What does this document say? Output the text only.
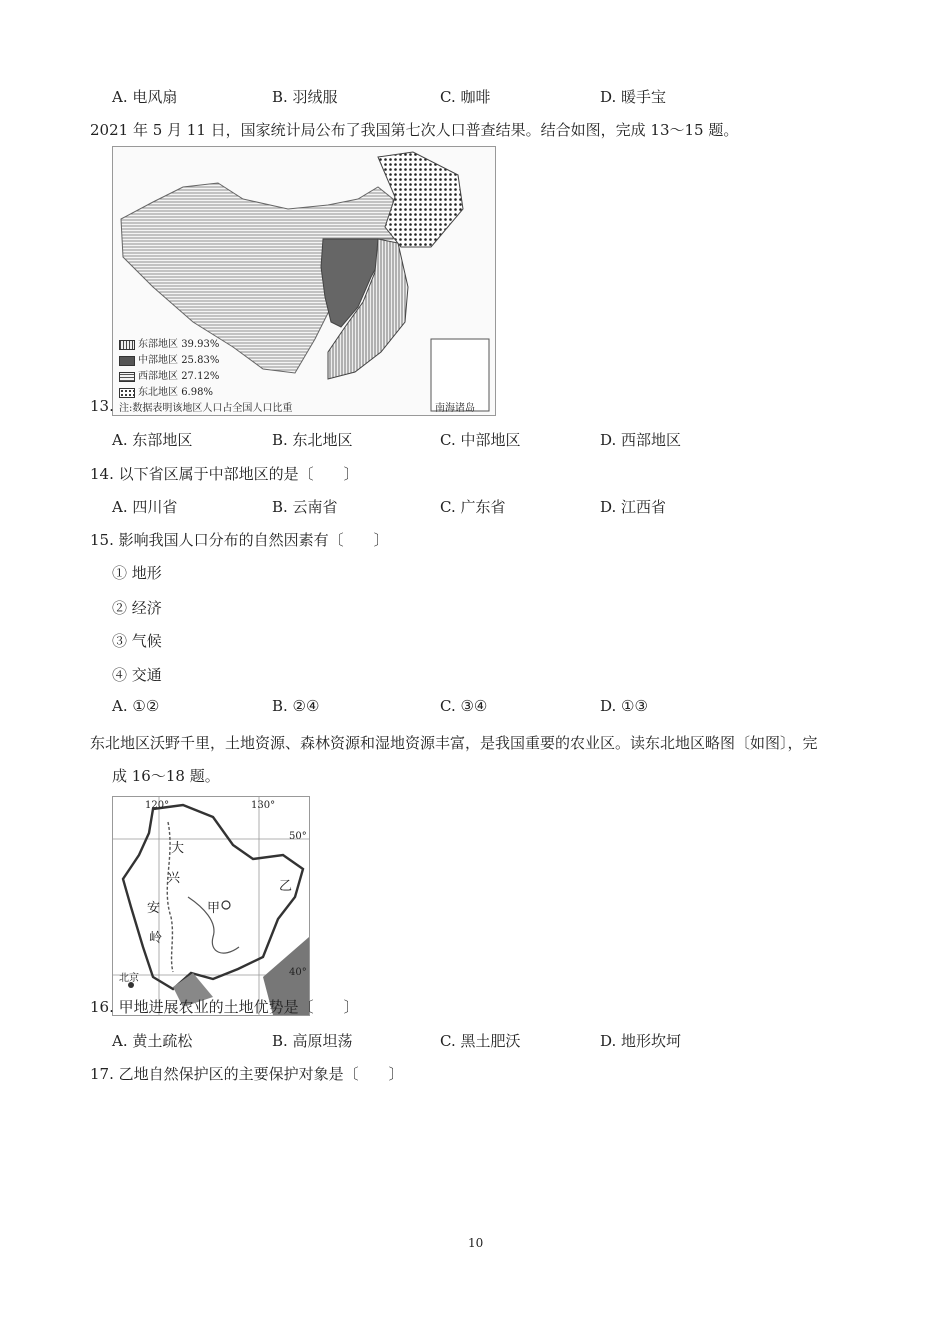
A. 电风扇	B. 羽绒服	C. 咖啡	D. 暖手宝
2021 年 5 月 11 日，国家统计局公布了我国第七次人口普查结果。结合如图，完成 13～15 题。
东部地区 39.93%
中部地区 25.83%
西部地区 27.12%
东北地区 6.98%
注:数据表明该地区人口占全国人口比重	南海诸岛
13.
A. 东部地区	B. 东北地区	C. 中部地区	D. 西部地区
14. 以下省区属于中部地区的是〔　　〕
A. 四川省	B. 云南省	C. 广东省	D. 江西省
15. 影响我国人口分布的自然因素有〔　　〕
① 地形
② 经济
③ 气候
④ 交通
A. ①②	B. ②④	C. ③④	D. ①③
东北地区沃野千里，土地资源、森林资源和湿地资源丰富，是我国重要的农业区。读东北地区略图〔如图〕，完
成 16～18 题。
120°	130°
50°
40°
大
兴
安
岭
甲
乙
北京
16. 甲地进展农业的土地优势是〔　　〕
A. 黄土疏松	B. 高原坦荡	C. 黑土肥沃	D. 地形坎坷
17. 乙地自然保护区的主要保护对象是〔　　〕
10
